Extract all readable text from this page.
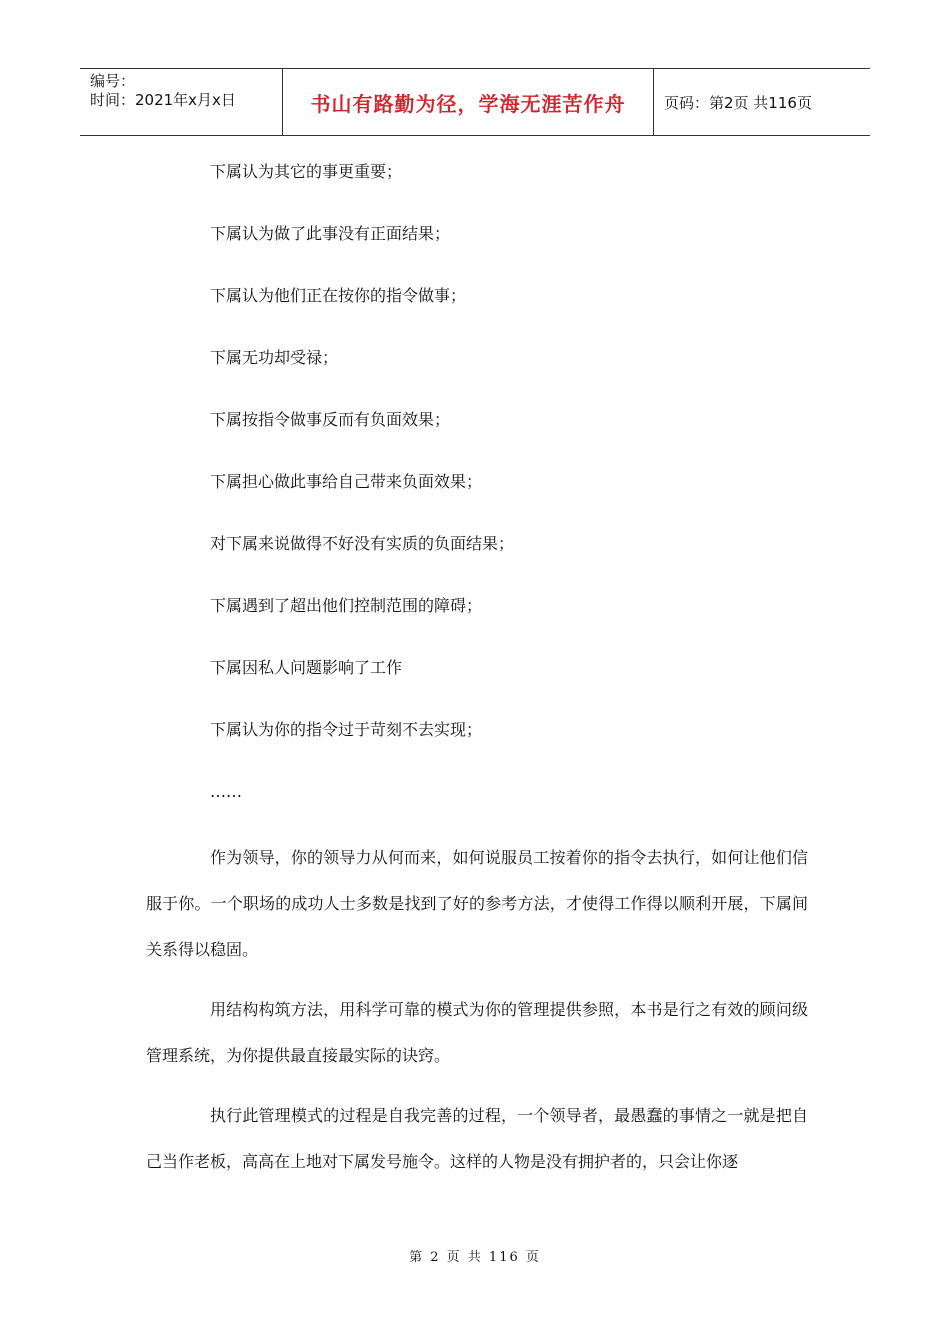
编号：
时间：2021年x月x日	书山有路勤为径，学海无涯苦作舟	页码：第2页 共116页
下属认为其它的事更重要；
下属认为做了此事没有正面结果；
下属认为他们正在按你的指令做事；
下属无功却受禄；
下属按指令做事反而有负面效果；
下属担心做此事给自己带来负面效果；
对下属来说做得不好没有实质的负面结果；
下属遇到了超出他们控制范围的障碍；
下属因私人问题影响了工作
下属认为你的指令过于苛刻不去实现；
……
作为领导，你的领导力从何而来，如何说服员工按着你的指令去执行，如何让他们信服于你。一个职场的成功人士多数是找到了好的参考方法，才使得工作得以顺利开展，下属间关系得以稳固。
用结构构筑方法，用科学可靠的模式为你的管理提供参照，本书是行之有效的顾问级管理系统，为你提供最直接最实际的诀窍。
执行此管理模式的过程是自我完善的过程，一个领导者，最愚蠢的事情之一就是把自己当作老板，高高在上地对下属发号施令。这样的人物是没有拥护者的，只会让你逐
第 2 页 共 116 页
